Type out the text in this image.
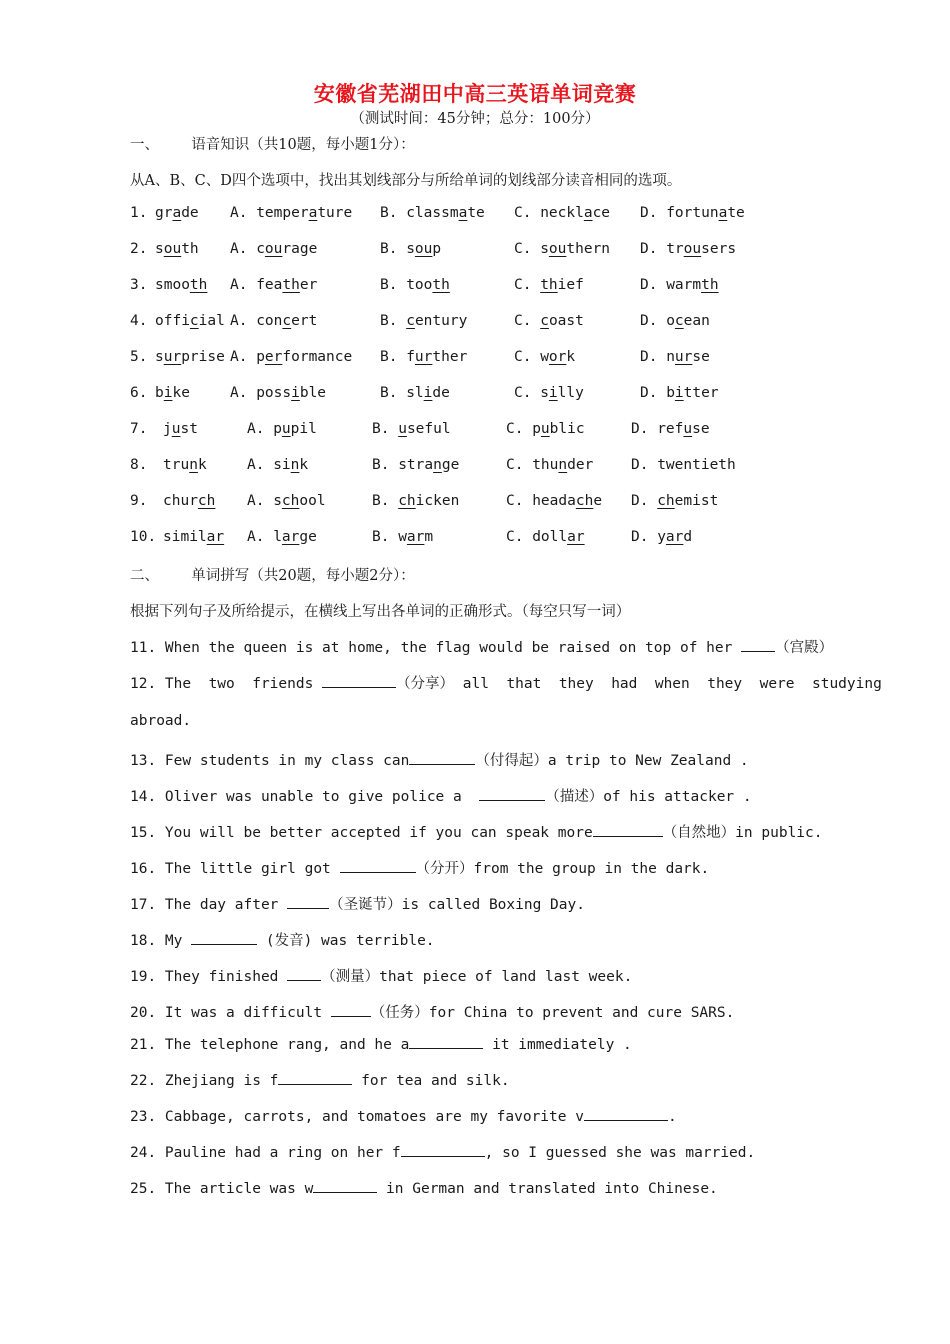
安徽省芜湖田中高三英语单词竞赛
（测试时间：45分钟；总分：100分）
一、       语音知识（共10题，每小题1分）：
从A、B、C、D四个选项中，找出其划线部分与所给单词的划线部分读音相同的选项。
1. grade A. temperature B. classmate C. necklace D. fortunate
2. south A. courage	B. soup	C. southern D. trousers
3. smooth A. feather	B. tooth	C. thief	D. warmth
4. official A. concert	B. century	C. coast	D. ocean
5. surprise A. performance B. further	C. work	D. nurse
6. bike	A. possible	B. slide	C. silly	D. bitter
7. just	A. pupil	B. useful	C. public	D. refuse
8. trunk	A. sink	B. strange	C. thunder	D. twentieth
9. church A. school	B. chicken	C. headache D. chemist
10. similar A. large	B. warm	C. dollar	D. yard
二、       单词拼写（共20题，每小题2分）：
根据下列句子及所给提示，在横线上写出各单词的正确形式。（每空只写一词）
11. When the queen is at home, the flag would be raised on top of her （宫殿）
12. The  two  friends	（分享） all  that  they  had  when  they  were  studying
abroad.
13. Few students in my class can	（付得起）a trip to New Zealand .
14. Oliver was unable to give police a	（描述）of his attacker .
15. You will be better accepted if you can speak more	（自然地）in public.
16. The little girl got	（分开）from the group in the dark.
17. The day after	（圣诞节）is called Boxing Day.
18. My	(发音) was terrible.
19. They finished （测量）that piece of land last week.
20. It was a difficult	（任务）for China to prevent and cure SARS.
21. The telephone rang, and he a	it immediately .
22. Zhejiang is f	for tea and silk.
23. Cabbage, carrots, and tomatoes are my favorite v	.
24. Pauline had a ring on her f	, so I guessed she was married.
25. The article was w	in German and translated into Chinese.
